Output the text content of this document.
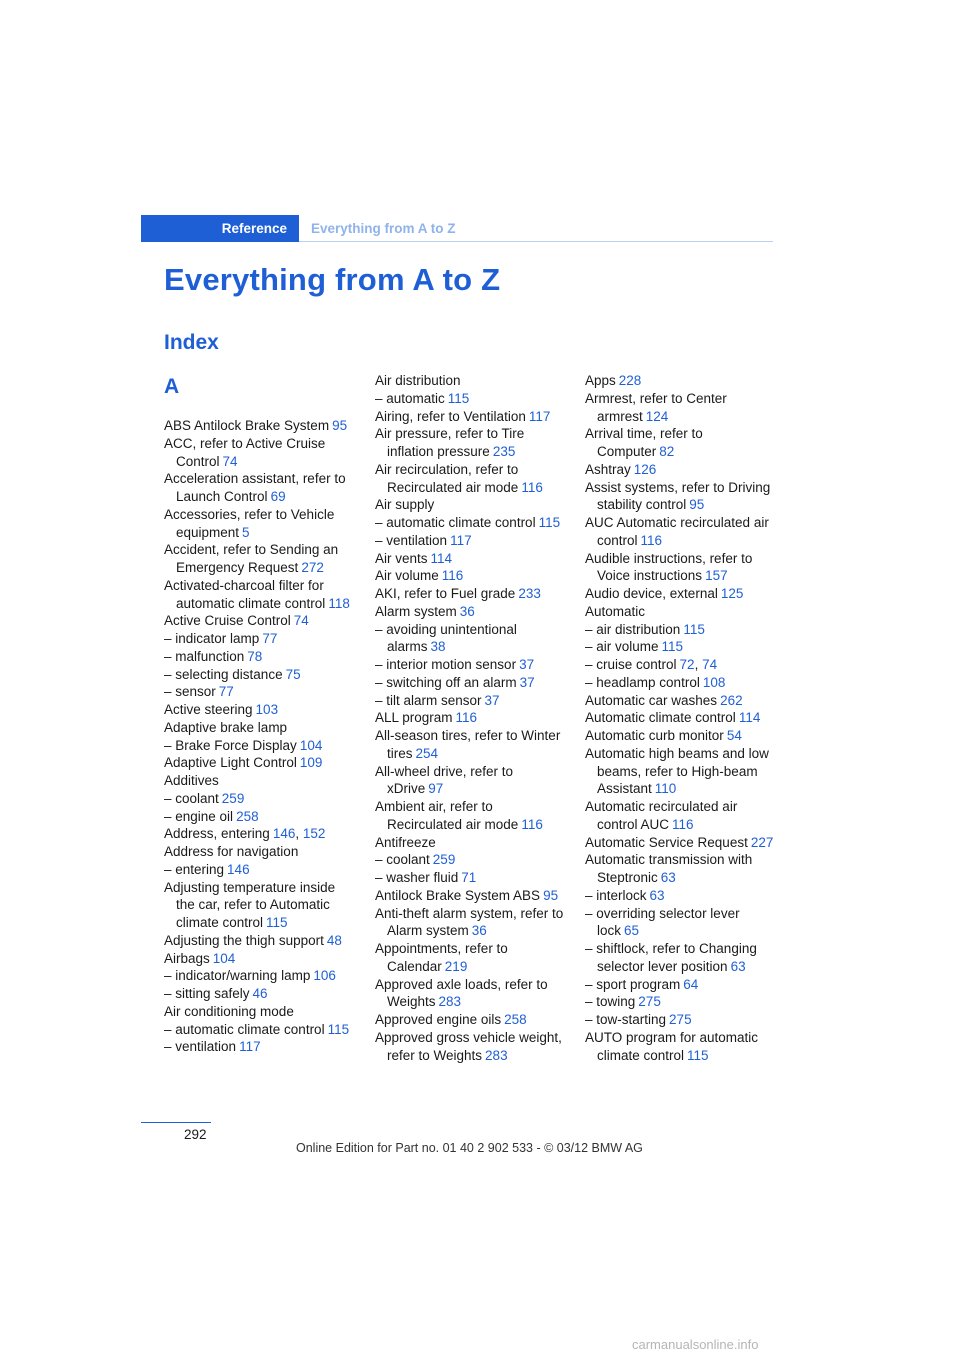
Reference Everything from A to Z
Everything from A to Z
Index
A
ABS Antilock Brake System 95
ACC, refer to Active Cruise Control 74
Acceleration assistant, refer to Launch Control 69
Accessories, refer to Vehicle equipment 5
Accident, refer to Sending an Emergency Request 272
Activated-charcoal filter for automatic climate control 118
Active Cruise Control 74
– indicator lamp 77
– malfunction 78
– selecting distance 75
– sensor 77
Active steering 103
Adaptive brake lamp
– Brake Force Display 104
Adaptive Light Control 109
Additives
– coolant 259
– engine oil 258
Address, entering 146, 152
Address for navigation
– entering 146
Adjusting temperature inside the car, refer to Automatic climate control 115
Adjusting the thigh support 48
Airbags 104
– indicator/warning lamp 106
– sitting safely 46
Air conditioning mode
– automatic climate control 115
– ventilation 117
Air distribution
– automatic 115
Airing, refer to Ventilation 117
Air pressure, refer to Tire inflation pressure 235
Air recirculation, refer to Recirculated air mode 116
Air supply
– automatic climate control 115
– ventilation 117
Air vents 114
Air volume 116
AKI, refer to Fuel grade 233
Alarm system 36
– avoiding unintentional alarms 38
– interior motion sensor 37
– switching off an alarm 37
– tilt alarm sensor 37
ALL program 116
All-season tires, refer to Winter tires 254
All-wheel drive, refer to xDrive 97
Ambient air, refer to Recirculated air mode 116
Antifreeze
– coolant 259
– washer fluid 71
Antilock Brake System ABS 95
Anti-theft alarm system, refer to Alarm system 36
Appointments, refer to Calendar 219
Approved axle loads, refer to Weights 283
Approved engine oils 258
Approved gross vehicle weight, refer to Weights 283
Apps 228
Armrest, refer to Center armrest 124
Arrival time, refer to Computer 82
Ashtray 126
Assist systems, refer to Driving stability control 95
AUC Automatic recirculated air control 116
Audible instructions, refer to Voice instructions 157
Audio device, external 125
Automatic
– air distribution 115
– air volume 115
– cruise control 72, 74
– headlamp control 108
Automatic car washes 262
Automatic climate control 114
Automatic curb monitor 54
Automatic high beams and low beams, refer to High-beam Assistant 110
Automatic recirculated air control AUC 116
Automatic Service Request 227
Automatic transmission with Steptronic 63
– interlock 63
– overriding selector lever lock 65
– shiftlock, refer to Changing selector lever position 63
– sport program 64
– towing 275
– tow-starting 275
AUTO program for automatic climate control 115
292
Online Edition for Part no. 01 40 2 902 533 - © 03/12 BMW AG
carmanualsonline.info
